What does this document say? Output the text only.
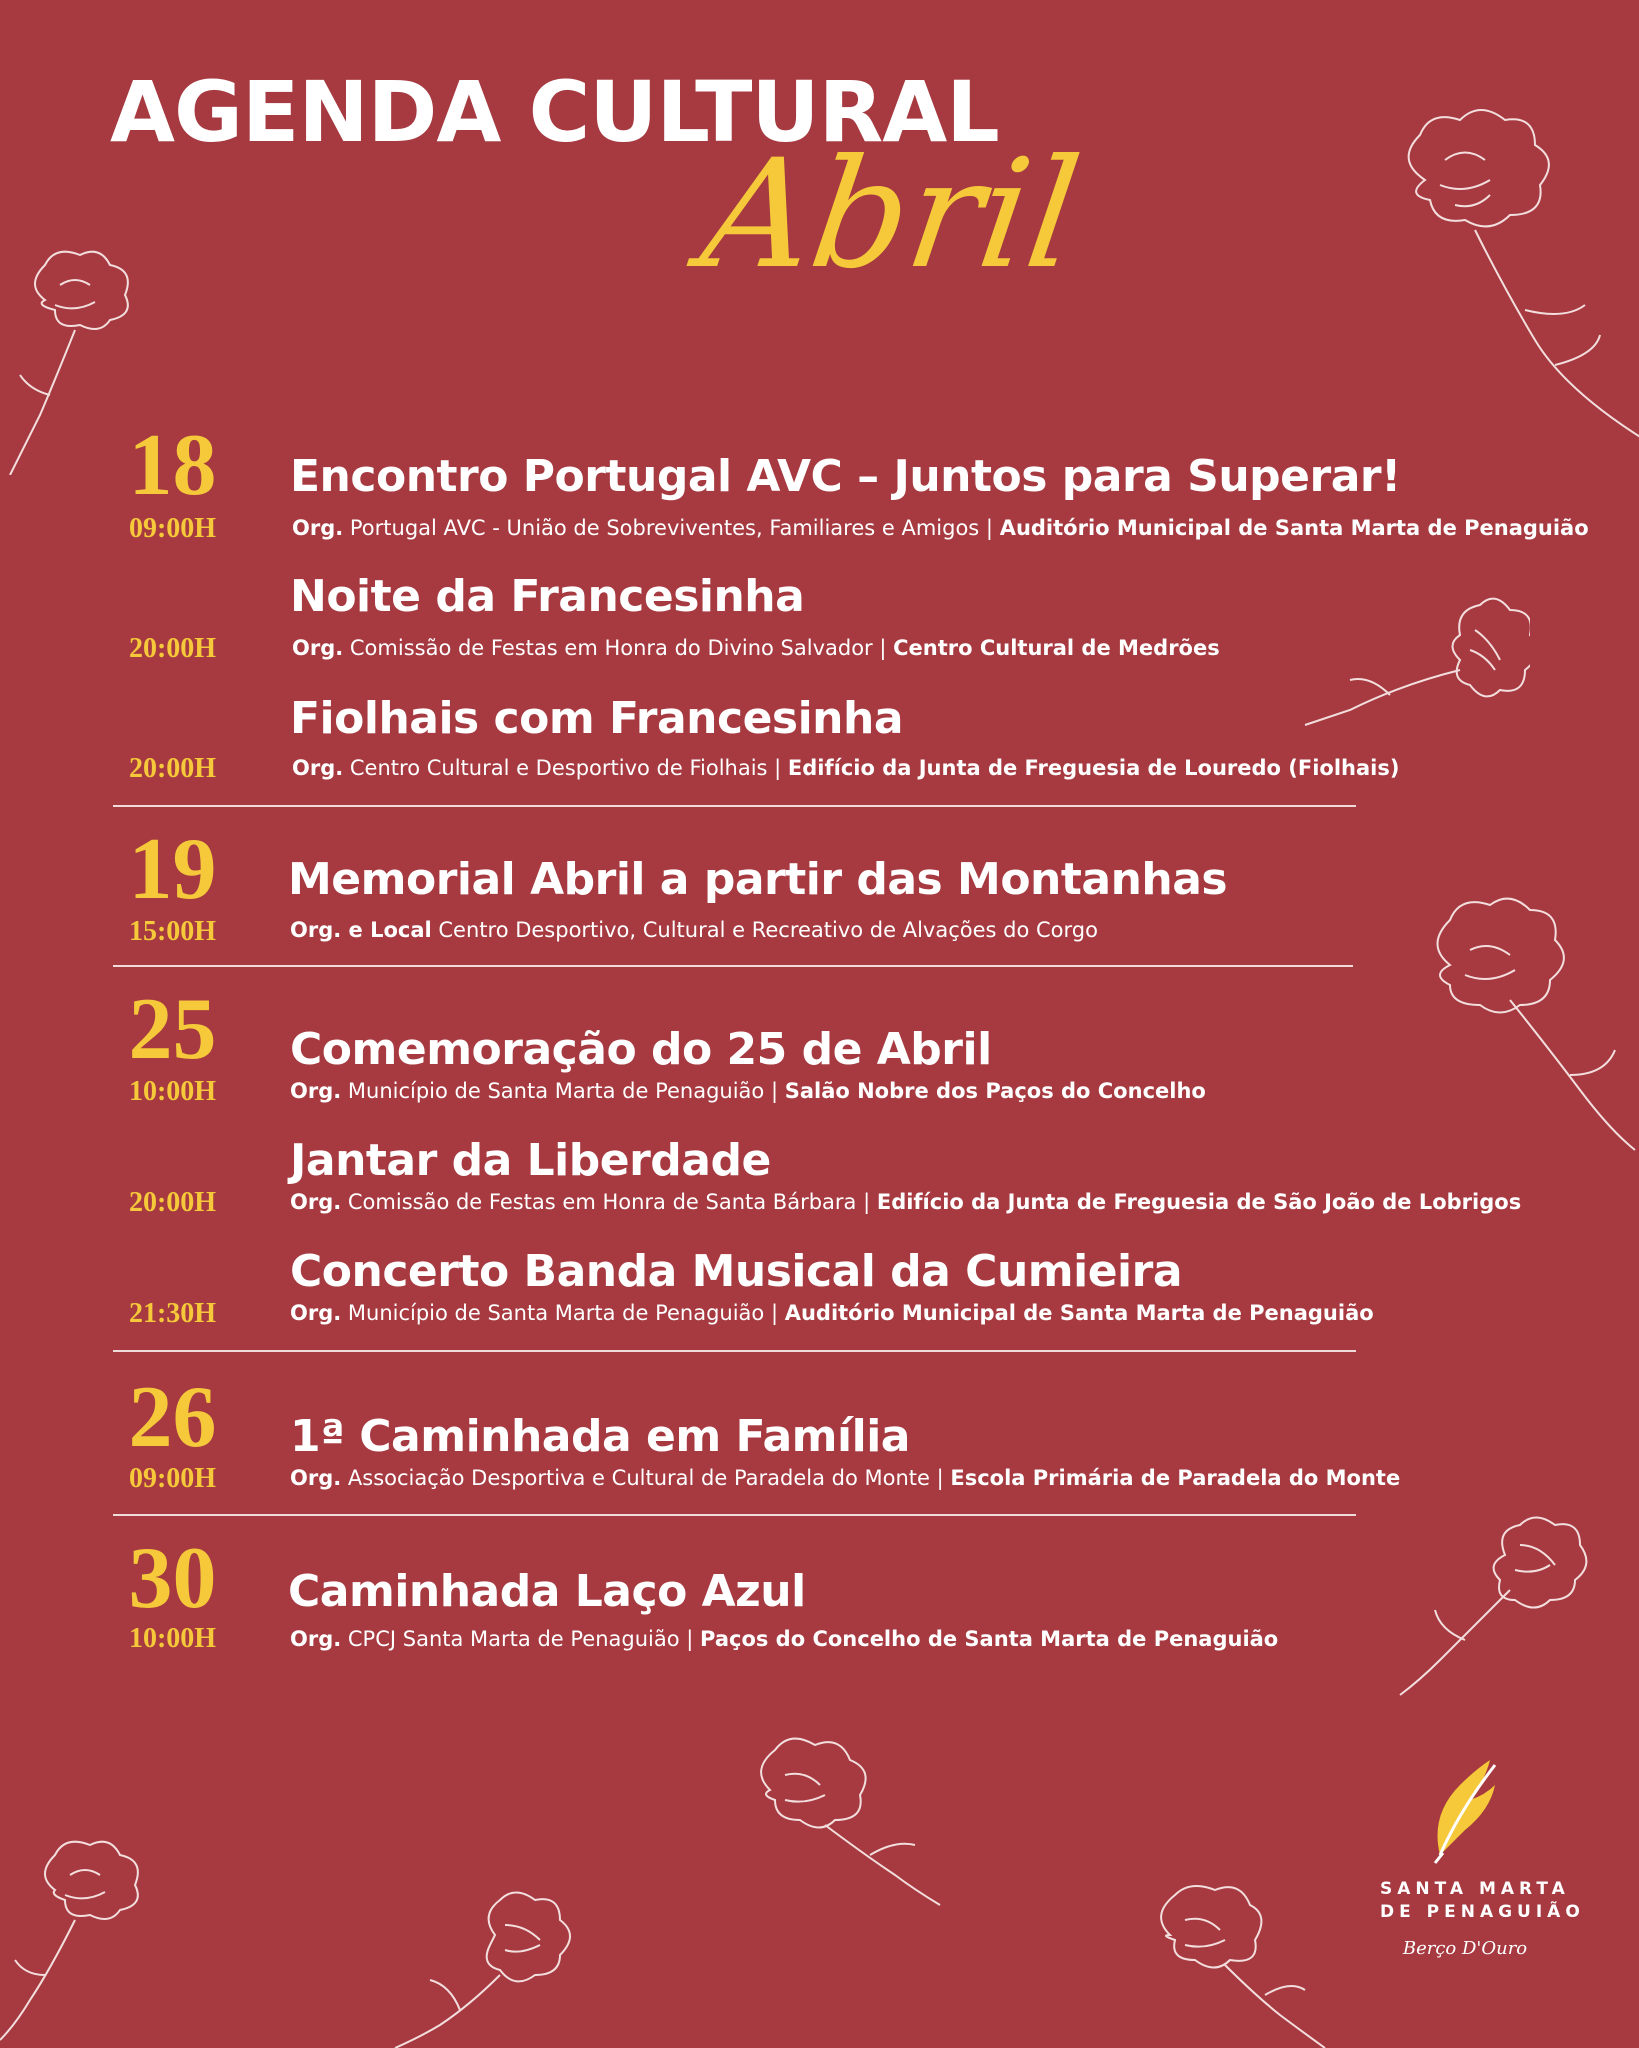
AGENDA CULTURAL
Abril
18
09:00H
Encontro Portugal AVC – Juntos para Superar!
Org. Portugal AVC - União de Sobreviventes, Familiares e Amigos | Auditório Municipal de Santa Marta de Penaguião
20:00H
Noite da Francesinha
Org. Comissão de Festas em Honra do Divino Salvador | Centro Cultural de Medrões
20:00H
Fiolhais com Francesinha
Org. Centro Cultural e Desportivo de Fiolhais | Edifício da Junta de Freguesia de Louredo (Fiolhais)
19
15:00H
Memorial Abril a partir das Montanhas
Org. e Local Centro Desportivo, Cultural e Recreativo de Alvações do Corgo
25
10:00H
Comemoração do 25 de Abril
Org. Município de Santa Marta de Penaguião | Salão Nobre dos Paços do Concelho
20:00H
Jantar da Liberdade
Org. Comissão de Festas em Honra de Santa Bárbara | Edifício da Junta de Freguesia de São João de Lobrigos
21:30H
Concerto Banda Musical da Cumieira
Org. Município de Santa Marta de Penaguião | Auditório Municipal de Santa Marta de Penaguião
26
09:00H
1ª Caminhada em Família
Org. Associação Desportiva e Cultural de Paradela do Monte | Escola Primária de Paradela do Monte
30
10:00H
Caminhada Laço Azul
Org. CPCJ Santa Marta de Penaguião | Paços do Concelho de Santa Marta de Penaguião
SANTA MARTA
DE PENAGUIÃO
Berço D'Ouro
